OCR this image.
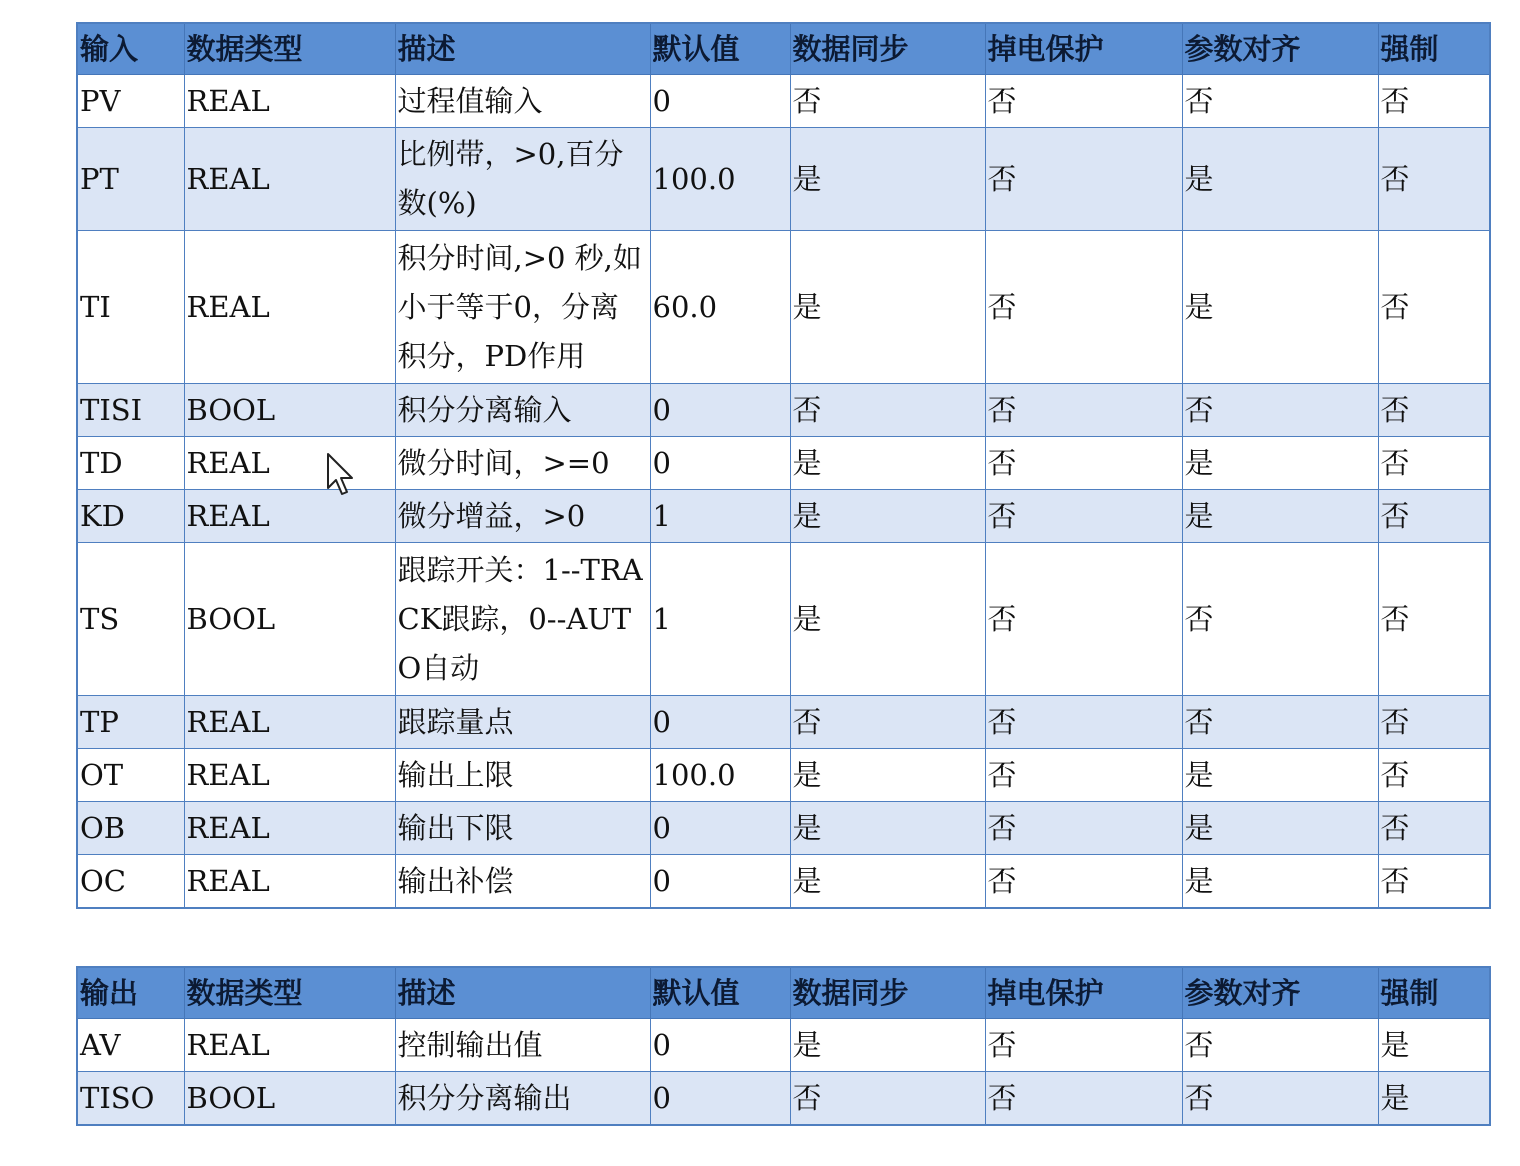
输入	数据类型	描述	默认值	数据同步	掉电保护	参数对齐	强制
PV	REAL	过程值输入	0	否	否	否	否
PT	REAL	比例带，>0,百分数(%)	100.0	是	否	是	否
TI	REAL	积分时间,>0 秒,如小于等于0，分离积分，PD作用	60.0	是	否	是	否
TISI	BOOL	积分分离输入	0	否	否	否	否
TD	REAL	微分时间，>=0	0	是	否	是	否
KD	REAL	微分增益，>0	1	是	否	是	否
TS	BOOL	跟踪开关：1--TRACK跟踪，0--AUTO自动	1	是	否	否	否
TP	REAL	跟踪量点	0	否	否	否	否
OT	REAL	输出上限	100.0	是	否	是	否
OB	REAL	输出下限	0	是	否	是	否
OC	REAL	输出补偿	0	是	否	是	否
输出	数据类型	描述	默认值	数据同步	掉电保护	参数对齐	强制
AV	REAL	控制输出值	0	是	否	否	是
TISO	BOOL	积分分离输出	0	否	否	否	是
